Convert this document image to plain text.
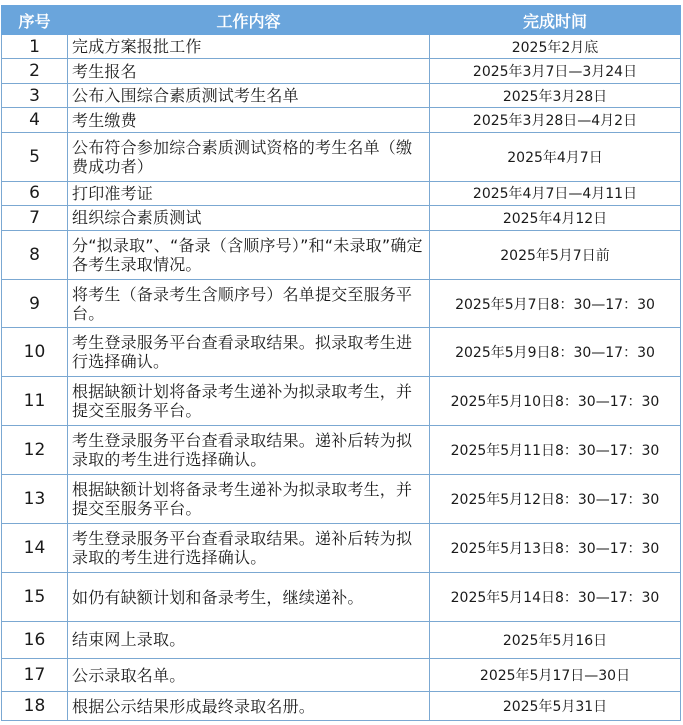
序号	工作内容	完成时间
1	完成方案报批工作	2025年2月底
2	考生报名	2025年3月7日—3月24日
3	公布入围综合素质测试考生名单	2025年3月28日
4	考生缴费	2025年3月28日—4月2日
5	公布符合参加综合素质测试资格的考生名单（缴费成功者）	2025年4月7日
6	打印准考证	2025年4月7日—4月11日
7	组织综合素质测试	2025年4月12日
8	分“拟录取”、“备录（含顺序号）”和“未录取”确定各考生录取情况。	2025年5月7日前
9	将考生（备录考生含顺序号）名单提交至服务平台。	2025年5月7日8：30—17：30
10	考生登录服务平台查看录取结果。拟录取考生进行选择确认。	2025年5月9日8：30—17：30
11	根据缺额计划将备录考生递补为拟录取考生，并提交至服务平台。	2025年5月10日8：30—17：30
12	考生登录服务平台查看录取结果。递补后转为拟录取的考生进行选择确认。	2025年5月11日8：30—17：30
13	根据缺额计划将备录考生递补为拟录取考生，并提交至服务平台。	2025年5月12日8：30—17：30
14	考生登录服务平台查看录取结果。递补后转为拟录取的考生进行选择确认。	2025年5月13日8：30—17：30
15	如仍有缺额计划和备录考生，继续递补。	2025年5月14日8：30—17：30
16	结束网上录取。	2025年5月16日
17	公示录取名单。	2025年5月17日—30日
18	根据公示结果形成最终录取名册。	2025年5月31日
